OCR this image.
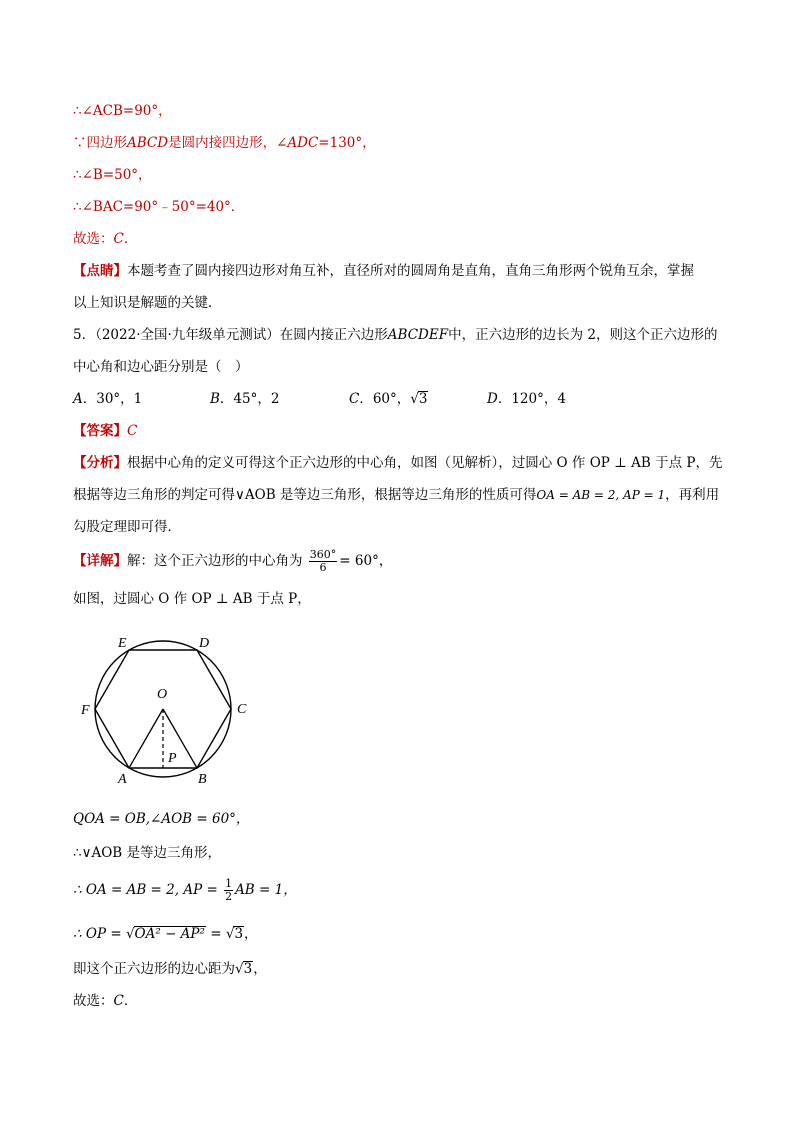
∴∠ACB=90°，
∵四边形ABCD是圆内接四边形，∠ADC=130°，
∴∠B=50°，
∴∠BAC=90°﹣50°=40°．
故选：C．
【点睛】本题考查了圆内接四边形对角互补，直径所对的圆周角是直角，直角三角形两个锐角互余，掌握
以上知识是解题的关键．
5．（2022·全国·九年级单元测试）在圆内接正六边形ABCDEF中，正六边形的边长为 2，则这个正六边形的
中心角和边心距分别是（　）
A．30°，1	B．45°，2	C．60°，√3	D．120°，4
【答案】C
【分析】根据中心角的定义可得这个正六边形的中心角，如图（见解析），过圆心 O 作 OP ⊥ AB 于点 P，先
根据等边三角形的判定可得∨AOB 是等边三角形，根据等边三角形的性质可得OA = AB = 2, AP = 1，再利用
勾股定理即可得．
【详解】解：这个正六边形的中心角为 $\frac{360^\circ}{6} = 60^\circ$，
如图，过圆心 O 作 OP ⊥ AB 于点 P，
E	D
O
F	C
P
A	B
QOA = OB,∠AOB = 60°，
∴∨AOB 是等边三角形，
∴ OA = AB = 2, AP = $\frac{1}{2}$ AB = 1，
∴ OP = √OA² − AP² = √3，
即这个正六边形的边心距为√3，
故选：C．
